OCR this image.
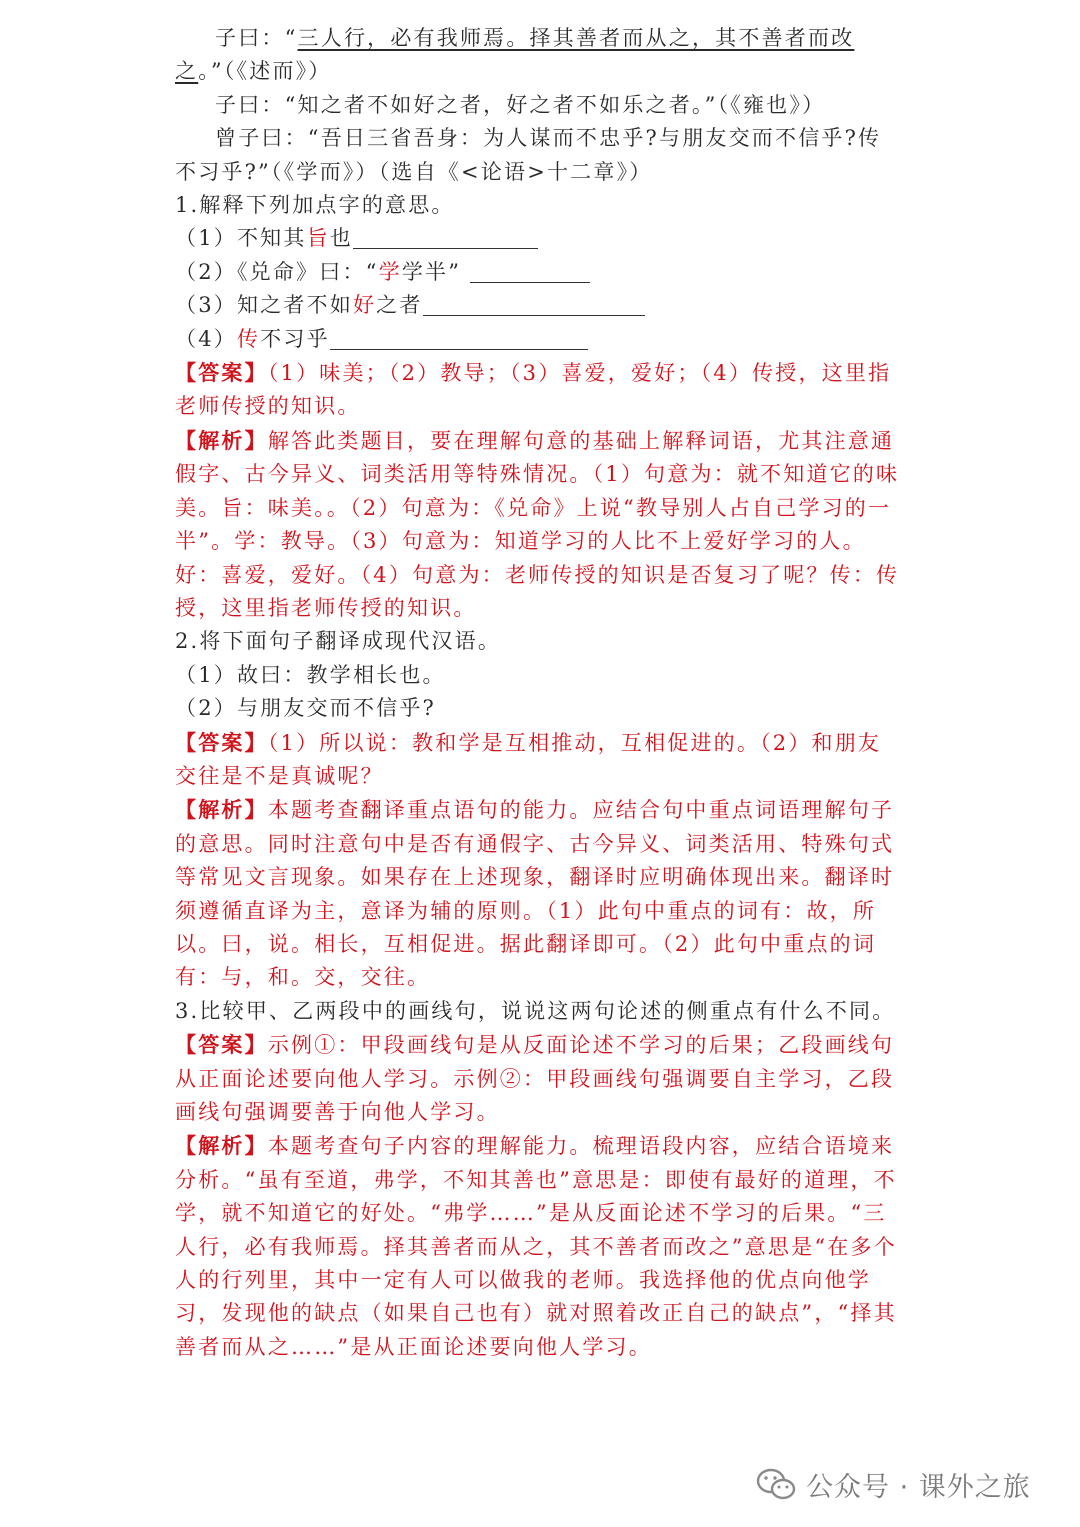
子曰：“三人行，必有我师焉。择其善者而从之，其不善者而改之。”（《述而》）

子曰：“知之者不如好之者，好之者不如乐之者。”（《雍也》）

曾子曰：“吾日三省吾身：为人谋而不忠乎?与朋友交而不信乎?传不习乎?”（《学而》）（选自《<论语>十二章》）

1.解释下列加点字的意思。

（1）不知其旨也

（2）《兑命》曰：“学学半”

（3）知之者不如好之者

（4）传不习乎

【答案】（1）味美；（2）教导；（3）喜爱，爱好；（4）传授，这里指老师传授的知识。

【解析】解答此类题目，要在理解句意的基础上解释词语，尤其注意通假字、古今异义、词类活用等特殊情况。（1）句意为：就不知道它的味美。旨：味美。。（2）句意为：《兑命》上说“教导别人占自己学习的一半”。学：教导。（3）句意为：知道学习的人比不上爱好学习的人。好：喜爱，爱好。（4）句意为：老师传授的知识是否复习了呢？传：传授，这里指老师传授的知识。

2.将下面句子翻译成现代汉语。

（1）故曰：教学相长也。

（2）与朋友交而不信乎?

【答案】（1）所以说：教和学是互相推动，互相促进的。（2）和朋友交往是不是真诚呢？

【解析】本题考查翻译重点语句的能力。应结合句中重点词语理解句子的意思。同时注意句中是否有通假字、古今异义、词类活用、特殊句式等常见文言现象。如果存在上述现象，翻译时应明确体现出来。翻译时须遵循直译为主，意译为辅的原则。（1）此句中重点的词有：故，所以。曰，说。相长，互相促进。据此翻译即可。（2）此句中重点的词有：与，和。交，交往。

3.比较甲、乙两段中的画线句，说说这两句论述的侧重点有什么不同。

【答案】示例①：甲段画线句是从反面论述不学习的后果；乙段画线句从正面论述要向他人学习。示例②：甲段画线句强调要自主学习，乙段画线句强调要善于向他人学习。

【解析】本题考查句子内容的理解能力。梳理语段内容，应结合语境来分析。“虽有至道，弗学，不知其善也”意思是：即使有最好的道理，不学，就不知道它的好处。“弗学……”是从反面论述不学习的后果。“三人行，必有我师焉。择其善者而从之，其不善者而改之”意思是“在多个人的行列里，其中一定有人可以做我的老师。我选择他的优点向他学习，发现他的缺点（如果自己也有）就对照着改正自己的缺点”，“择其善者而从之……”是从正面论述要向他人学习。

公众号 · 课外之旅
